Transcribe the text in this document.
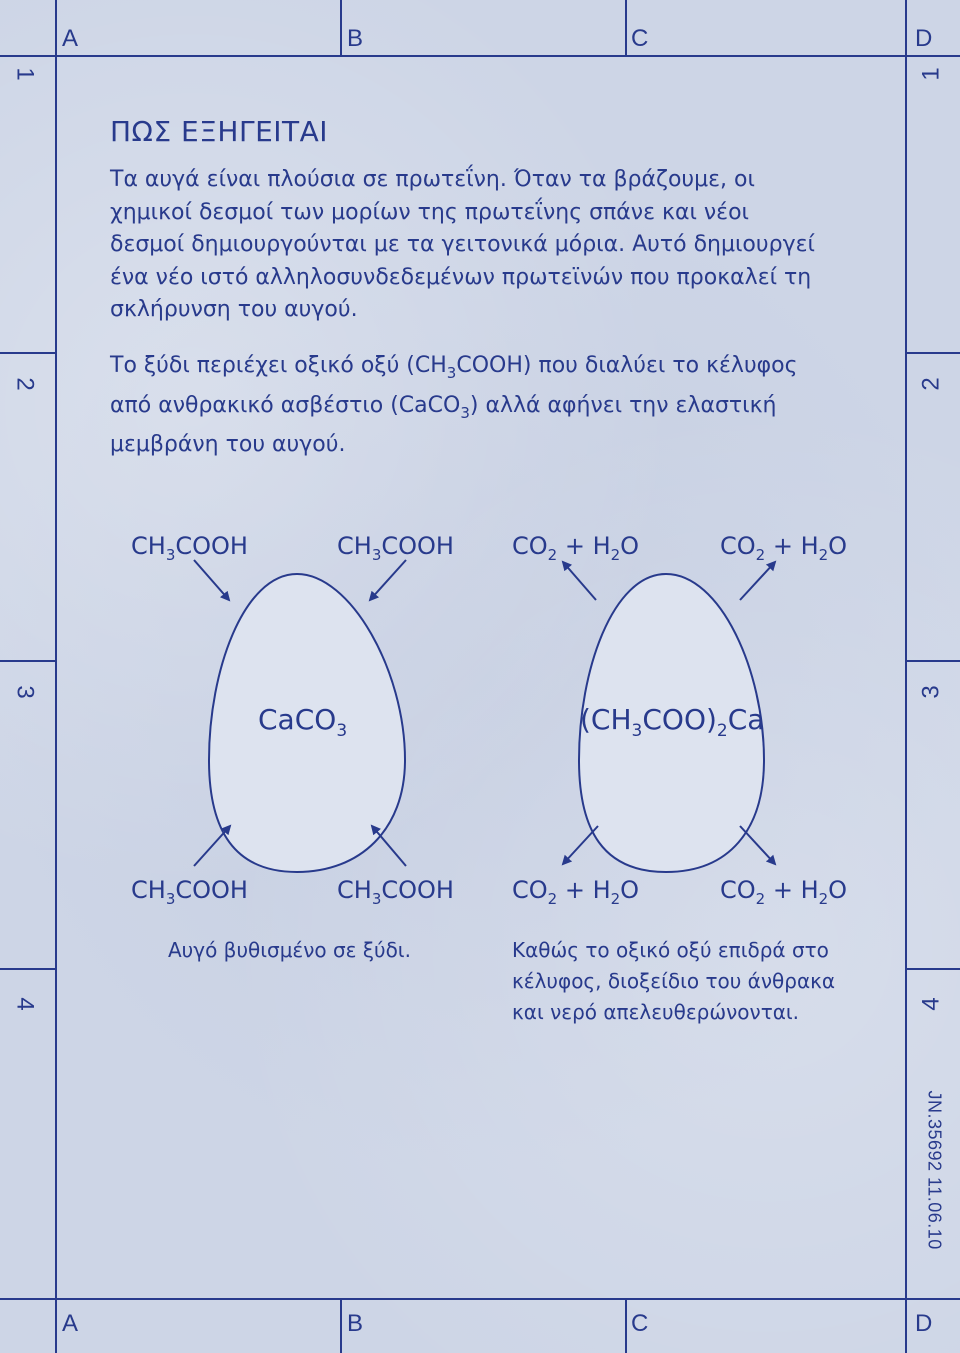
A	B	C	D
A	B	C	D
1
2
3
4
1
2
3
4
JN.35692 11.06.10
ΠΩΣ ΕΞΗΓΕΙΤΑΙ
Τα αυγά είναι πλούσια σε πρωτεΐνη. Όταν τα βράζουμε, οι χημικοί δεσμοί των μορίων της πρωτεΐνης σπάνε και νέοι δεσμοί δημιουργούνται με τα γειτονικά μόρια. Αυτό δημιουργεί ένα νέο ιστό αλληλοσυνδεδεμένων πρωτεϊνών που προκαλεί τη σκλήρυνση του αυγού.
Το ξύδι περιέχει οξικό οξύ $(CH_3COOH)$ που διαλύει το κέλυφος από ανθρακικό ασβέστιο (CaCO$_3$) αλλά αφήνει την ελαστική μεμβράνη του αυγού.
$CH_3COOH$	$CH_3COOH$ $CO_2 + H_2O$	$CO_2 + H_2O$
$CH_3COOH$	$CH_3COOH$ $CO_2 + H_2O$	$CO_2 + H_2O$
CaCO$_3$	$(CH_3COO)_2Ca$
Αυγό βυθισμένο σε ξύδι.	Καθώς το οξικό οξύ επιδρά στο κέλυφος, διοξείδιο του άνθρακα και νερό απελευθερώνονται.
